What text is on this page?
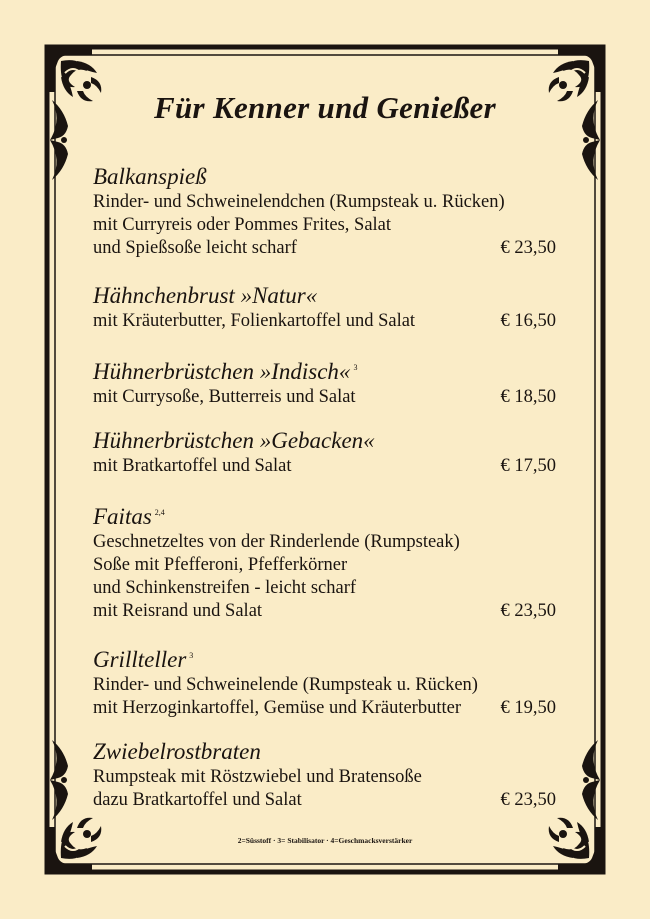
Für Kenner und Genießer
Balkanspieß
Rinder- und Schweinelendchen (Rumpsteak u. Rücken)
mit Curryreis oder Pommes Frites, Salat
und Spießsoße leicht scharf	€ 23,50
Hähnchenbrust »Natur«
mit Kräuterbutter, Folienkartoffel und Salat	€ 16,50
Hühnerbrüstchen »Indisch« $^3$
mit Currysoße, Butterreis und Salat	€ 18,50
Hühnerbrüstchen »Gebacken«
mit Bratkartoffel und Salat	€ 17,50
Faitas $^{2,4}$
Geschnetzeltes von der Rinderlende (Rumpsteak)
Soße mit Pfefferoni, Pfefferkörner
und Schinkenstreifen - leicht scharf
mit Reisrand und Salat	€ 23,50
Grillteller $^3$
Rinder- und Schweinelende (Rumpsteak u. Rücken)
mit Herzoginkartoffel, Gemüse und Kräuterbutter € 19,50
Zwiebelrostbraten
Rumpsteak mit Röstzwiebel und Bratensoße
dazu Bratkartoffel und Salat	€ 23,50
2=Süsstoff · 3= Stabilisator · 4=Geschmacksverstärker
